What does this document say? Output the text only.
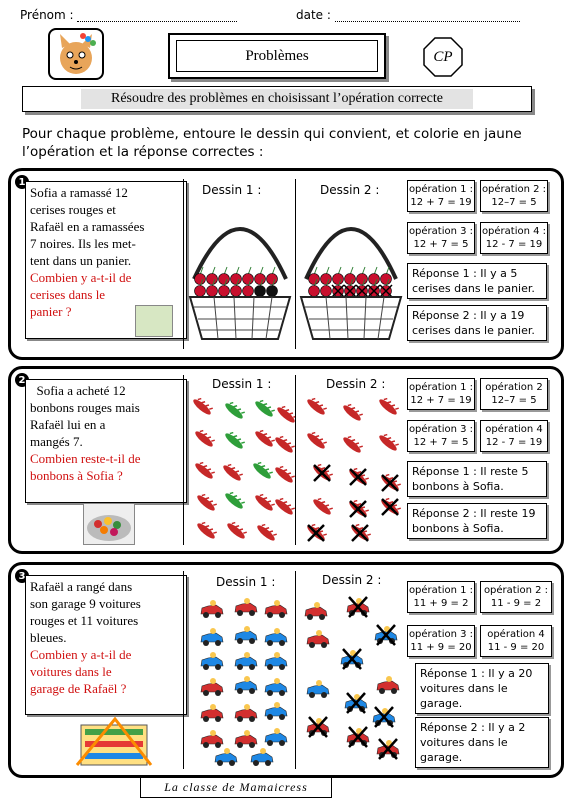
Prénom :	date :
Problèmes	CP
Résoudre des problèmes en choisissant l’opération correcte
Pour chaque problème, entoure le dessin qui convient, et colorie en jaune
l’opération et la réponse correctes :
1
Sofia a ramassé 12
cerises rouges et
Rafaël en a ramassées
7 noires. Ils les met-
tent dans un panier.
Combien y a-t-il de
cerises dans le
panier ?
Dessin 1 :	Dessin 2 :	opération 1 :
12 + 7 = 19
opération 2 :
12–7 = 5
opération 3 :
12 + 7 = 5
opération 4 :
12 - 7 = 19
Réponse 1 : Il y a 5
cerises dans le panier.
Réponse 2 : Il y a 19
cerises dans le panier.
2
Sofia a acheté 12
bonbons rouges mais
Rafaël lui en a
mangés 7.
Combien reste-t-il de
bonbons à Sofia ?
Dessin 1 :	Dessin 2 : opération 1 :
12 + 7 = 19
opération 2
12–7 = 5
opération 3 :
12 + 7 = 5
opération 4
12 - 7 = 19
Réponse 1 : Il reste 5
bonbons à Sofia.
Réponse 2 : Il reste 19
bonbons à Sofia.
3
Rafaël a rangé dans
son garage 9 voitures
rouges et 11 voitures
bleues.
Combien y a-t-il de
voitures dans le
garage de Rafaël ?
Dessin 1 :	Dessin 2 :
opération 1 :
11 + 9 = 2
opération 2 :
11 - 9 = 2
opération 3 :
11 + 9 = 20
opération 4
11 - 9 = 20
Réponse 1 : Il y a 20
voitures dans le
garage.
Réponse 2 : Il y a 2
voitures dans le
garage.
La classe de Mamaicress
